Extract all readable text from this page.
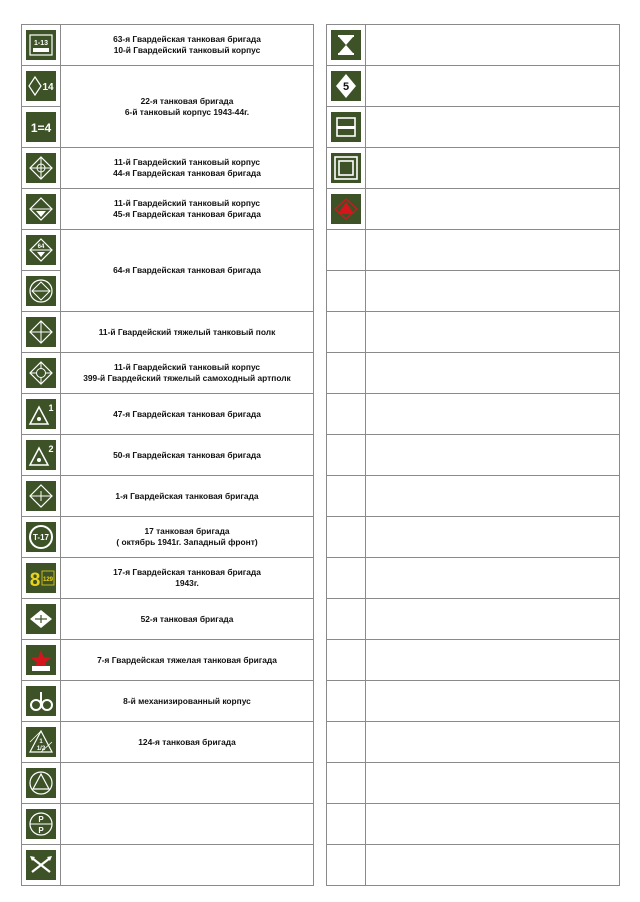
1-13	63-я Гвардейская танковая бригада
10-й Гвардейский танковый корпус

14	22-я танковая бригада
6-й танковый корпус 1943-44г.

1=4	

11-й Гвардейский танковый корпус
44-я Гвардейская танковая бригада

11-й Гвардейский танковый корпус
45-я Гвардейская танковая бригада

64	64-я Гвардейская танковая бригада

11-й Гвардейский тяжелый танковый полк

11-й Гвардейский танковый корпус
399-й Гвардейский тяжелый самоходный артполк

1	47-я Гвардейская танковая бригада

2	50-я Гвардейская танковая бригада

1-я Гвардейская танковая бригада

T-17	17 танковая бригада
( октябрь 1941г. Западный фронт)

8 129	17-я Гвардейская танковая бригада
1943г.

52-я танковая бригада

7-я Гвардейская тяжелая танковая бригада

8-й механизированный корпус

1
1/2	124-я танковая бригада

P
P	

5	
